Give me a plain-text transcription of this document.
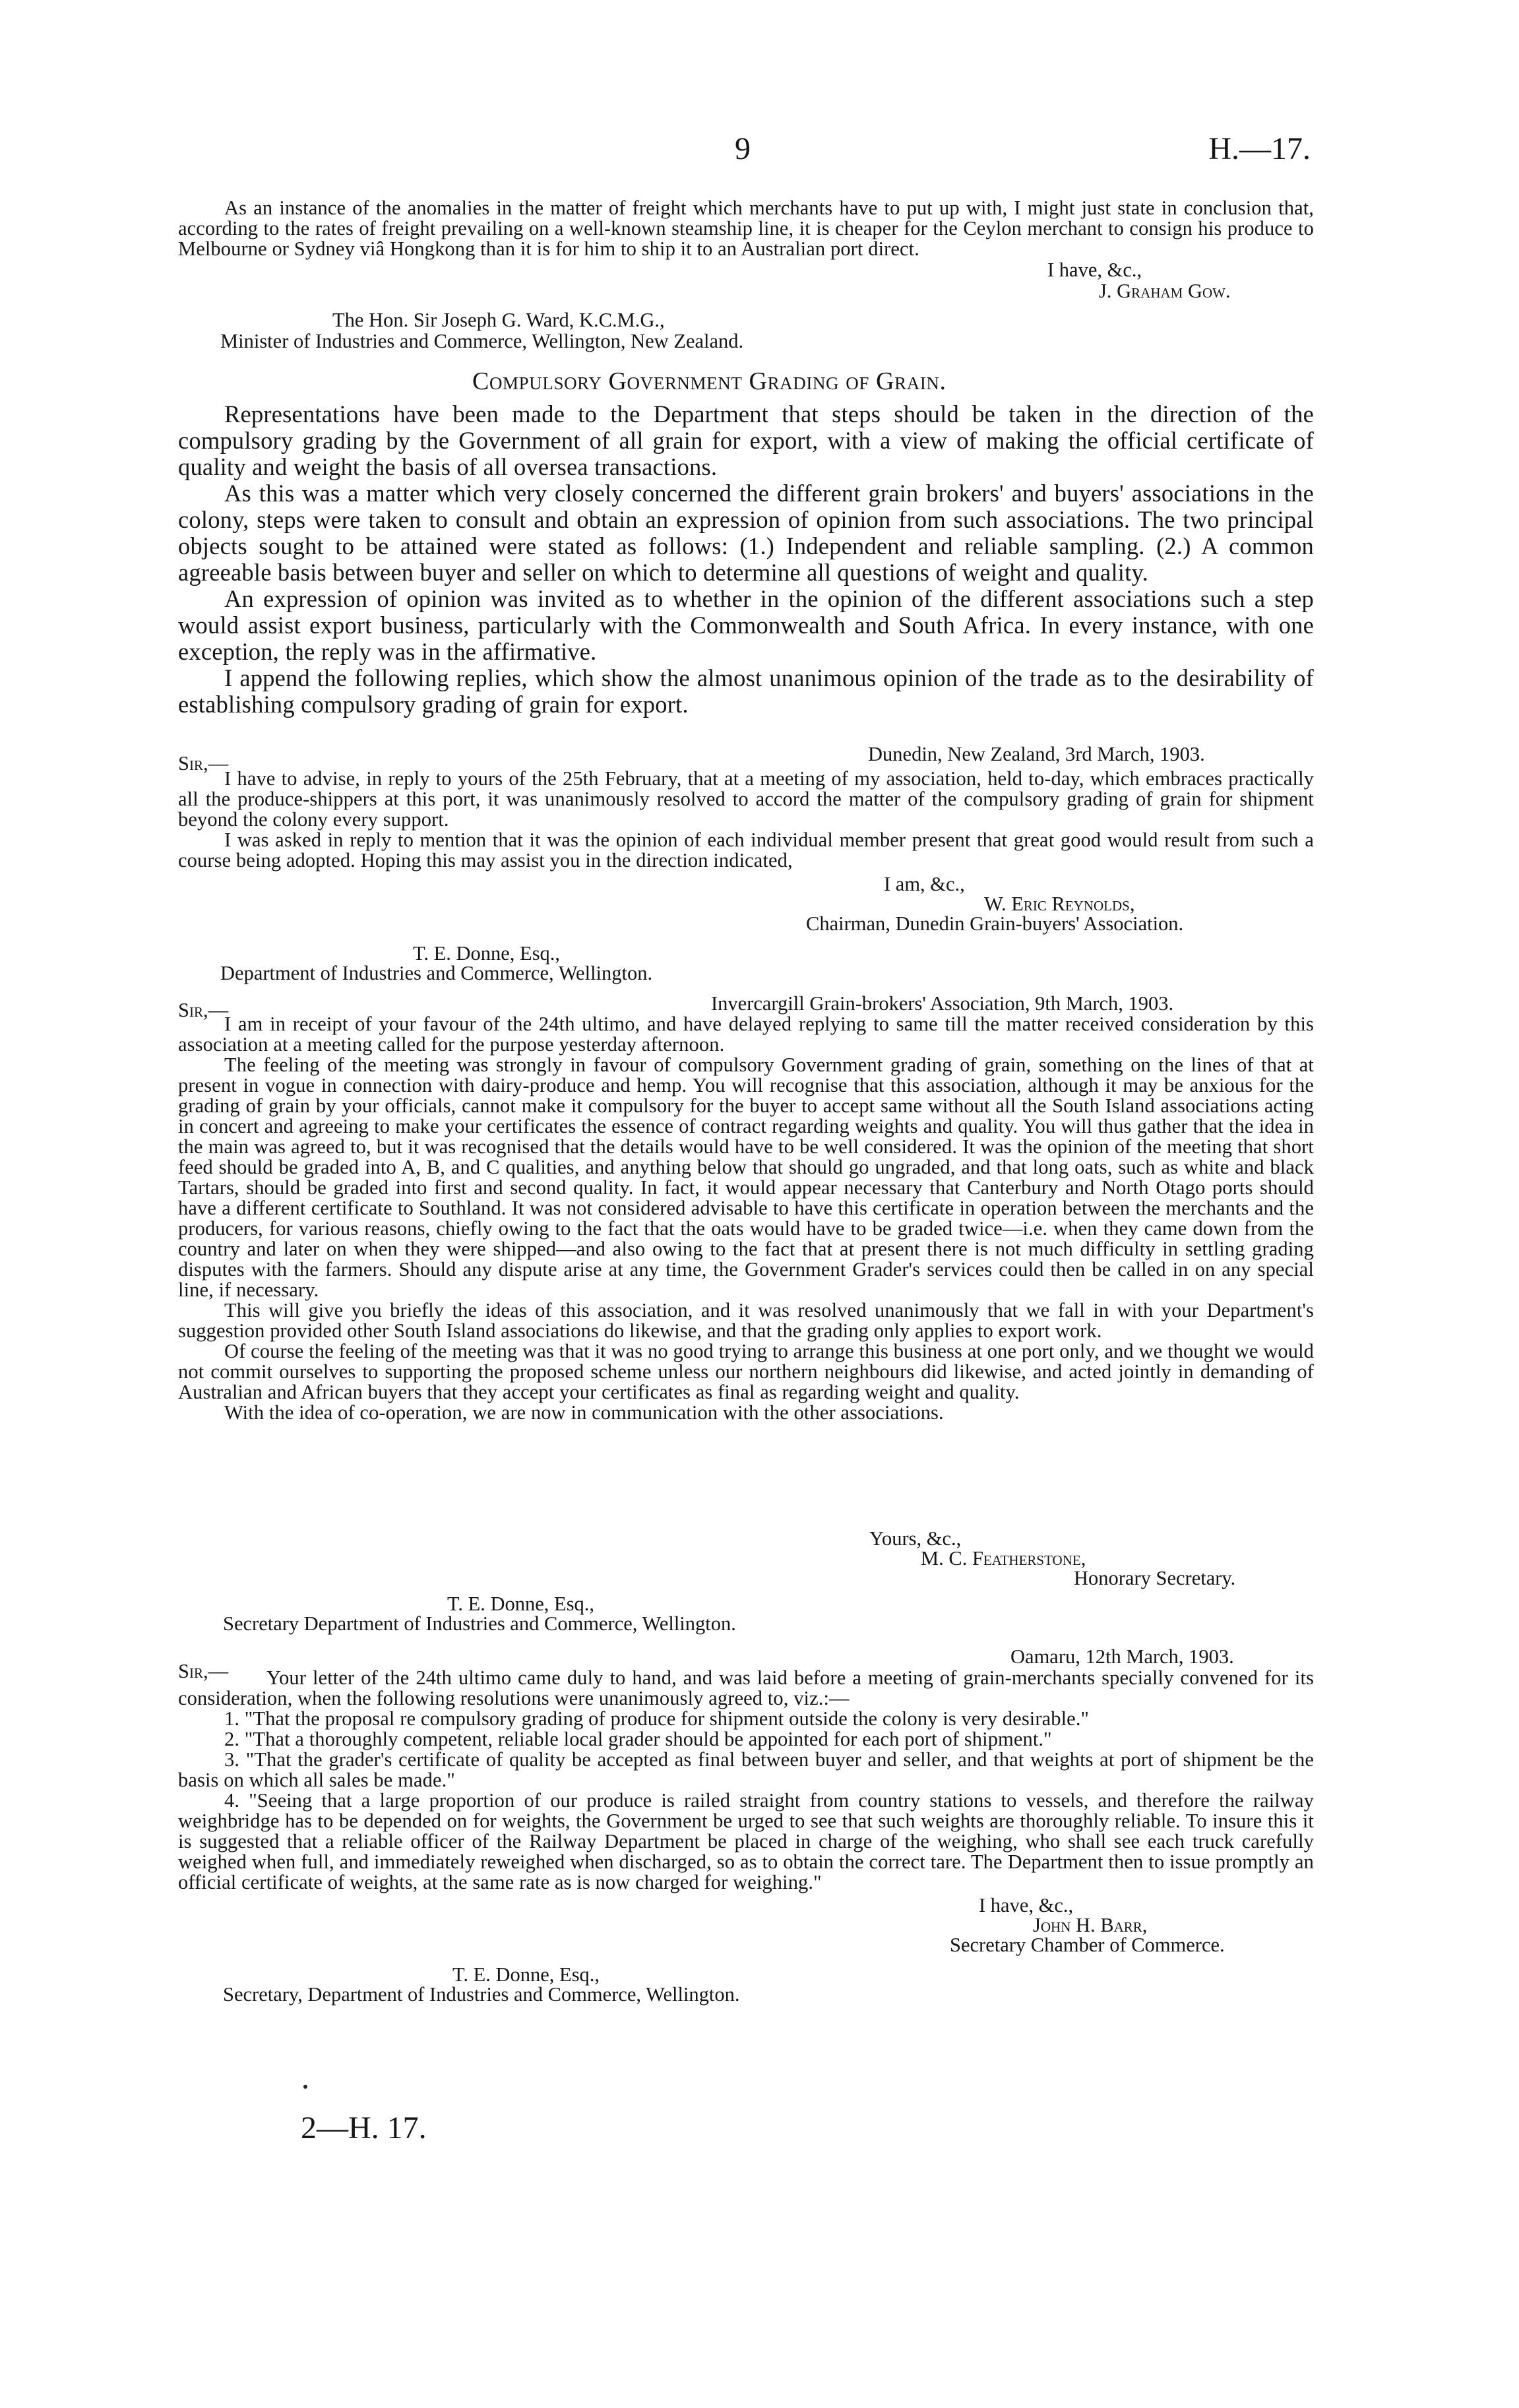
9	H.—17.

As an instance of the anomalies in the matter of freight which merchants have to put up with, I might just state in conclusion that, according to the rates of freight prevailing on a well-known steamship line, it is cheaper for the Ceylon merchant to consign his produce to Melbourne or Sydney viâ Hongkong than it is for him to ship it to an Australian port direct.

I have, &c.,
J. Graham Gow.
The Hon. Sir Joseph G. Ward, K.C.M.G.,
Minister of Industries and Commerce, Wellington, New Zealand.
Compulsory Government Grading of Grain.

Representations have been made to the Department that steps should be taken in the direction of the compulsory grading by the Government of all grain for export, with a view of making the official certificate of quality and weight the basis of all oversea transactions.

As this was a matter which very closely concerned the different grain brokers' and buyers' associations in the colony, steps were taken to consult and obtain an expression of opinion from such associations. The two principal objects sought to be attained were stated as follows: (1.) Independent and reliable sampling. (2.) A common agreeable basis between buyer and seller on which to determine all questions of weight and quality.

An expression of opinion was invited as to whether in the opinion of the different associations such a step would assist export business, particularly with the Commonwealth and South Africa. In every instance, with one exception, the reply was in the affirmative.

I append the following replies, which show the almost unanimous opinion of the trade as to the desirability of establishing compulsory grading of grain for export.

Sir,—	Dunedin, New Zealand, 3rd March, 1903.

I have to advise, in reply to yours of the 25th February, that at a meeting of my association, held to-day, which embraces practically all the produce-shippers at this port, it was unanimously resolved to accord the matter of the compulsory grading of grain for shipment beyond the colony every support.

I was asked in reply to mention that it was the opinion of each individual member present that great good would result from such a course being adopted. Hoping this may assist you in the direction indicated,

I am, &c.,
W. Eric Reynolds,
Chairman, Dunedin Grain-buyers' Association.
T. E. Donne, Esq.,
Department of Industries and Commerce, Wellington.
Sir,—	Invercargill Grain-brokers' Association, 9th March, 1903.

I am in receipt of your favour of the 24th ultimo, and have delayed replying to same till the matter received consideration by this association at a meeting called for the purpose yesterday afternoon.

The feeling of the meeting was strongly in favour of compulsory Government grading of grain, something on the lines of that at present in vogue in connection with dairy-produce and hemp. You will recognise that this association, although it may be anxious for the grading of grain by your officials, cannot make it compulsory for the buyer to accept same without all the South Island associations acting in concert and agreeing to make your certificates the essence of contract regarding weights and quality. You will thus gather that the idea in the main was agreed to, but it was recognised that the details would have to be well considered. It was the opinion of the meeting that short feed should be graded into A, B, and C qualities, and anything below that should go ungraded, and that long oats, such as white and black Tartars, should be graded into first and second quality. In fact, it would appear necessary that Canterbury and North Otago ports should have a different certificate to Southland. It was not considered advisable to have this certificate in operation between the merchants and the producers, for various reasons, chiefly owing to the fact that the oats would have to be graded twice—i.e. when they came down from the country and later on when they were shipped—and also owing to the fact that at present there is not much difficulty in settling grading disputes with the farmers. Should any dispute arise at any time, the Government Grader's services could then be called in on any special line, if necessary.

This will give you briefly the ideas of this association, and it was resolved unanimously that we fall in with your Department's suggestion provided other South Island associations do likewise, and that the grading only applies to export work.

Of course the feeling of the meeting was that it was no good trying to arrange this business at one port only, and we thought we would not commit ourselves to supporting the proposed scheme unless our northern neighbours did likewise, and acted jointly in demanding of Australian and African buyers that they accept your certificates as final as regarding weight and quality.

With the idea of co-operation, we are now in communication with the other associations.

Yours, &c.,
M. C. Featherstone,
Honorary Secretary.
T. E. Donne, Esq.,
Secretary Department of Industries and Commerce, Wellington.
Oamaru, 12th March, 1903.
Sir,—	Your letter of the 24th ultimo came duly to hand, and was laid before a meeting of grain-merchants specially convened for its consideration, when the following resolutions were unanimously agreed to, viz.:—

1. "That the proposal re compulsory grading of produce for shipment outside the colony is very desirable."

2. "That a thoroughly competent, reliable local grader should be appointed for each port of shipment."

3. "That the grader's certificate of quality be accepted as final between buyer and seller, and that weights at port of shipment be the basis on which all sales be made."

4. "Seeing that a large proportion of our produce is railed straight from country stations to vessels, and therefore the railway weighbridge has to be depended on for weights, the Government be urged to see that such weights are thoroughly reliable. To insure this it is suggested that a reliable officer of the Railway Department be placed in charge of the weighing, who shall see each truck carefully weighed when full, and immediately reweighed when discharged, so as to obtain the correct tare. The Department then to issue promptly an official certificate of weights, at the same rate as is now charged for weighing."

I have, &c.,
John H. Barr,
Secretary Chamber of Commerce.
T. E. Donne, Esq.,
Secretary, Department of Industries and Commerce, Wellington.
2—H. 17.
